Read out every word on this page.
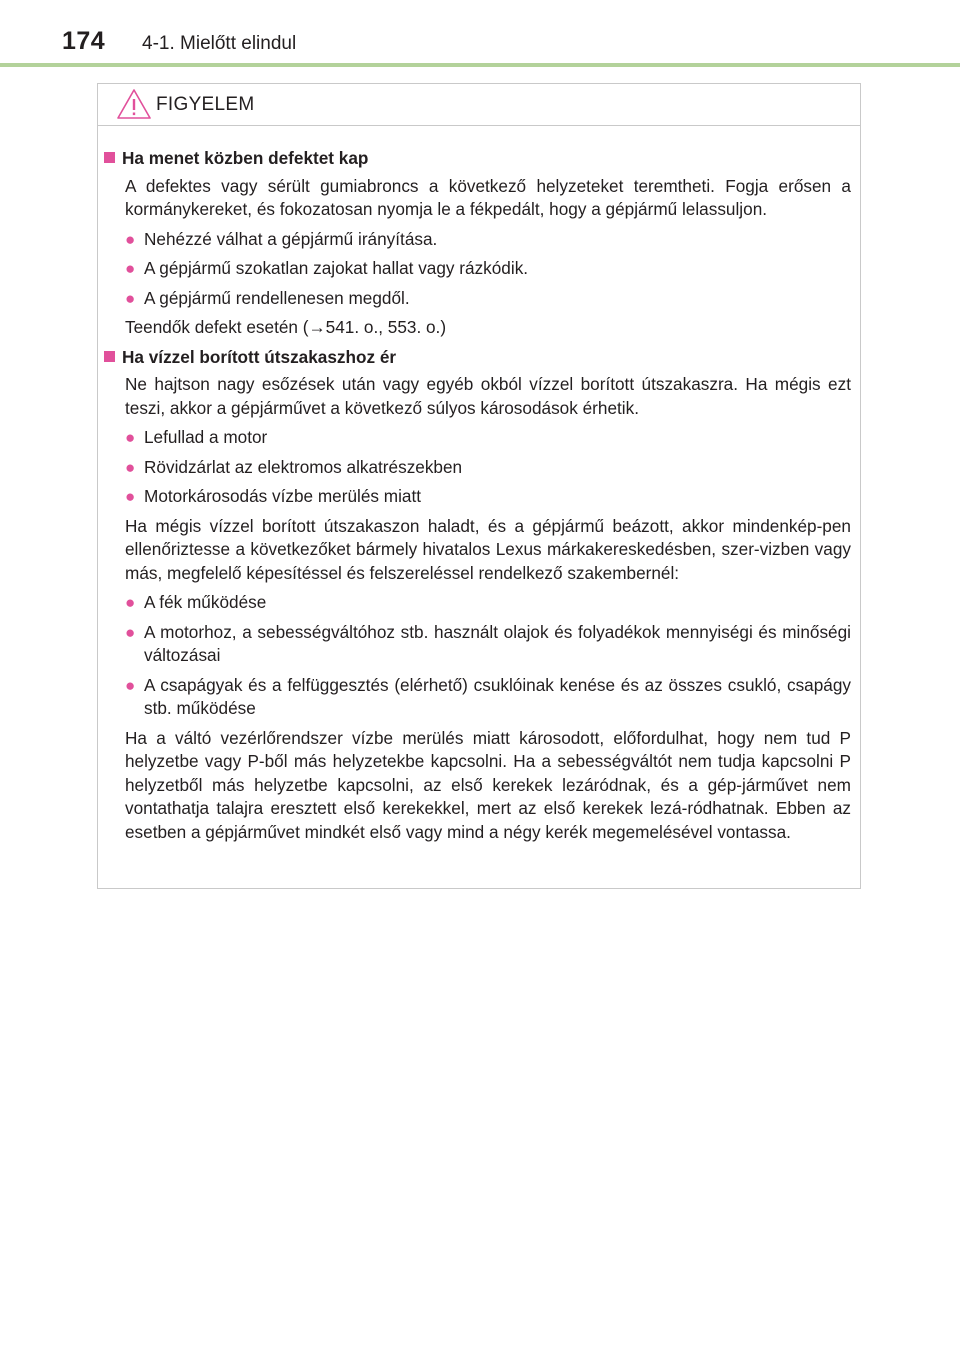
174 4-1. Mielőtt elindul
FIGYELEM
Ha menet közben defektet kap
A defektes vagy sérült gumiabroncs a következő helyzeteket teremtheti. Fogja erősen a kormánykereket, és fokozatosan nyomja le a fékpedált, hogy a gépjármű lelassuljon.
● Nehézzé válhat a gépjármű irányítása.
● A gépjármű szokatlan zajokat hallat vagy rázkódik.
● A gépjármű rendellenesen megdől.
Teendők defekt esetén (→541. o., 553. o.)
Ha vízzel borított útszakaszhoz ér
Ne hajtson nagy esőzések után vagy egyéb okból vízzel borított útszakaszra. Ha mégis ezt teszi, akkor a gépjárművet a következő súlyos károsodások érhetik.
● Lefullad a motor
● Rövidzárlat az elektromos alkatrészekben
● Motorkárosodás vízbe merülés miatt
Ha mégis vízzel borított útszakaszon haladt, és a gépjármű beázott, akkor mindenkép-pen ellenőriztesse a következőket bármely hivatalos Lexus márkakereskedésben, szer-vizben vagy más, megfelelő képesítéssel és felszereléssel rendelkező szakembernél:
● A fék működése
● A motorhoz, a sebességváltóhoz stb. használt olajok és folyadékok mennyiségi és minőségi változásai
● A csapágyak és a felfüggesztés (elérhető) csuklóinak kenése és az összes csukló, csapágy stb. működése
Ha a váltó vezérlőrendszer vízbe merülés miatt károsodott, előfordulhat, hogy nem tud P helyzetbe vagy P-ből más helyzetekbe kapcsolni. Ha a sebességváltót nem tudja kapcsolni P helyzetből más helyzetbe kapcsolni, az első kerekek lezáródnak, és a gép-járművet nem vontathatja talajra eresztett első kerekekkel, mert az első kerekek lezá-ródhatnak. Ebben az esetben a gépjárművet mindkét első vagy mind a négy kerék megemelésével vontassa.
